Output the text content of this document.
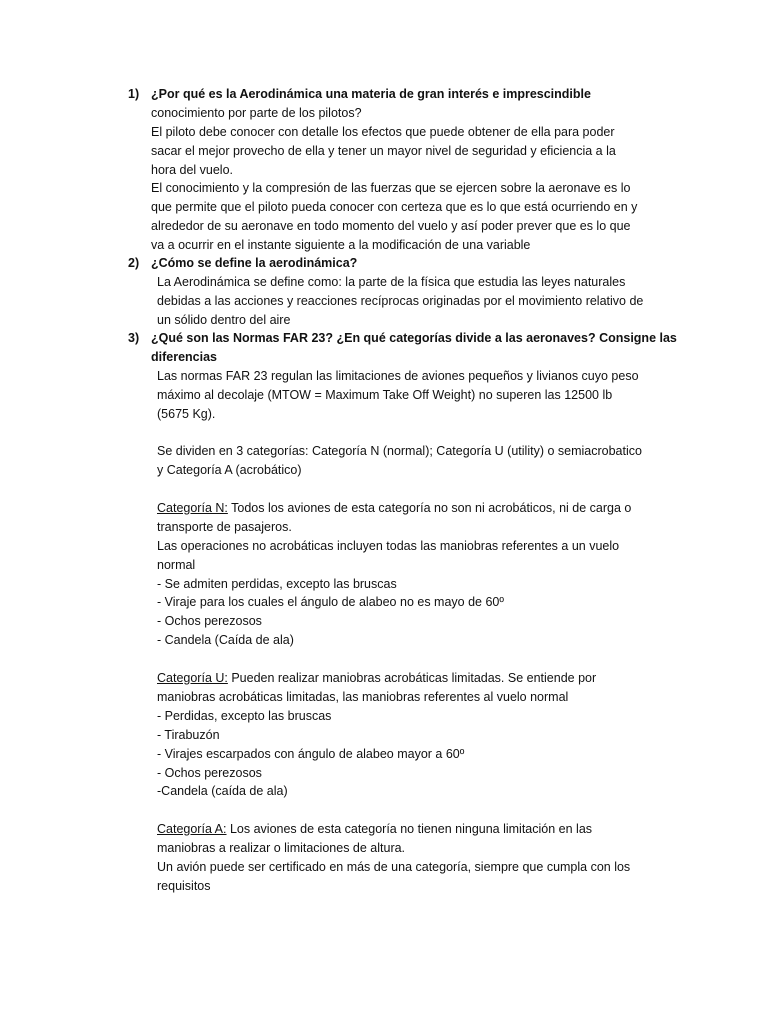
1) ¿Por qué es la Aerodinámica una materia de gran interés e imprescindible
conocimiento por parte de los pilotos?
El piloto debe conocer con detalle los efectos que puede obtener de ella para poder
sacar el mejor provecho de ella y tener un mayor nivel de seguridad y eficiencia a la
hora del vuelo.
El conocimiento y la compresión de las fuerzas que se ejercen sobre la aeronave es lo
que permite que el piloto pueda conocer con certeza que es lo que está ocurriendo en y
alrededor de su aeronave en todo momento del vuelo y así poder prever que es lo que
va a ocurrir en el instante siguiente a la modificación de una variable
2) ¿Cómo se define la aerodinámica?
La Aerodinámica se define como: la parte de la física que estudia las leyes naturales
debidas a las acciones y reacciones recíprocas originadas por el movimiento relativo de
un sólido dentro del aire
3) ¿Qué son las Normas FAR 23? ¿En qué categorías divide a las aeronaves? Consigne las
diferencias
Las normas FAR 23 regulan las limitaciones de aviones pequeños y livianos cuyo peso
máximo al decolaje (MTOW = Maximum Take Off Weight) no superen las 12500 lb
(5675 Kg).
Se dividen en 3 categorías: Categoría N (normal); Categoría U (utility) o semiacrobatico
y Categoría A (acrobático)
Categoría N: Todos los aviones de esta categoría no son ni acrobáticos, ni de carga o
transporte de pasajeros.
Las operaciones no acrobáticas incluyen todas las maniobras referentes a un vuelo
normal
- Se admiten perdidas, excepto las bruscas
- Viraje para los cuales el ángulo de alabeo no es mayo de 60º
- Ochos perezosos
- Candela (Caída de ala)
Categoría U: Pueden realizar maniobras acrobáticas limitadas. Se entiende por
maniobras acrobáticas limitadas, las maniobras referentes al vuelo normal
- Perdidas, excepto las bruscas
- Tirabuzón
- Virajes escarpados con ángulo de alabeo mayor a 60º
- Ochos perezosos
-Candela (caída de ala)
Categoría A: Los aviones de esta categoría no tienen ninguna limitación en las
maniobras a realizar o limitaciones de altura.
Un avión puede ser certificado en más de una categoría, siempre que cumpla con los
requisitos
